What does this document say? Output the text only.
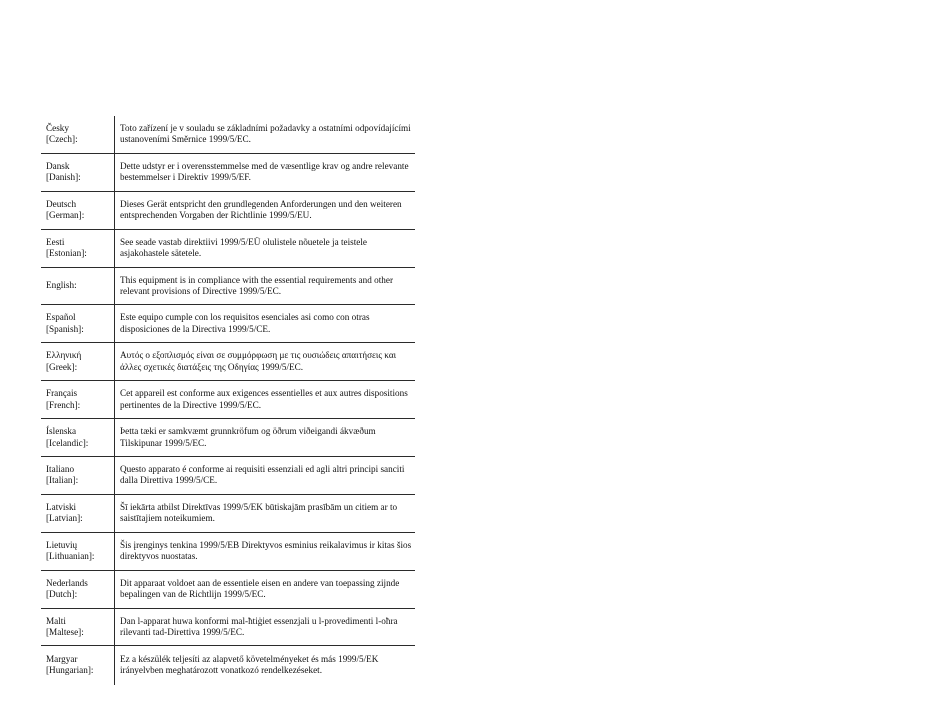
Česky
[Czech]:
Toto zařízení je v souladu se základními požadavky a ostatními odpovídajícími ustanoveními Směrnice 1999/5/EC.
Dansk
[Danish]:
Dette udstyr er i overensstemmelse med de væsentlige krav og andre relevante bestemmelser i Direktiv 1999/5/EF.
Deutsch
[German]:
Dieses Gerät entspricht den grundlegenden Anforderungen und den weiteren entsprechenden Vorgaben der Richtlinie 1999/5/EU.
Eesti
[Estonian]:
See seade vastab direktiivi 1999/5/EÜ olulistele nõuetele ja teistele asjakohastele sätetele.
English:
This equipment is in compliance with the essential requirements and other relevant provisions of Directive 1999/5/EC.
Español
[Spanish]:
Este equipo cumple con los requisitos esenciales asi como con otras disposiciones de la Directiva 1999/5/CE.
Ελληνική
[Greek]:
Αυτός ο εξοπλισμός είναι σε συμμόρφωση με τις ουσιώδεις απαιτήσεις και άλλες σχετικές διατάξεις της Οδηγίας 1999/5/EC.
Français
[French]:
Cet appareil est conforme aux exigences essentielles et aux autres dispositions pertinentes de la Directive 1999/5/EC.
Íslenska
[Icelandic]:
Þetta tæki er samkvæmt grunnkröfum og öðrum viðeigandi ákvæðum Tilskipunar 1999/5/EC.
Italiano
[Italian]:
Questo apparato é conforme ai requisiti essenziali ed agli altri principi sanciti dalla Direttiva 1999/5/CE.
Latviski
[Latvian]:
Šī iekārta atbilst Direktīvas 1999/5/EK būtiskajām prasībām un citiem ar to saistītajiem noteikumiem.
Lietuvių
[Lithuanian]:
Šis įrenginys tenkina 1999/5/EB Direktyvos esminius reikalavimus ir kitas šios direktyvos nuostatas.
Nederlands
[Dutch]:
Dit apparaat voldoet aan de essentiele eisen en andere van toepassing zijnde bepalingen van de Richtlijn 1999/5/EC.
Malti
[Maltese]:
Dan l-apparat huwa konformi mal-ħtiġiet essenzjali u l-provedimenti l-oħra rilevanti tad-Direttiva 1999/5/EC.
Margyar
[Hungarian]:
Ez a készülék teljesíti az alapvető követelményeket és más 1999/5/EK irányelvben meghatározott vonatkozó rendelkezéseket.
